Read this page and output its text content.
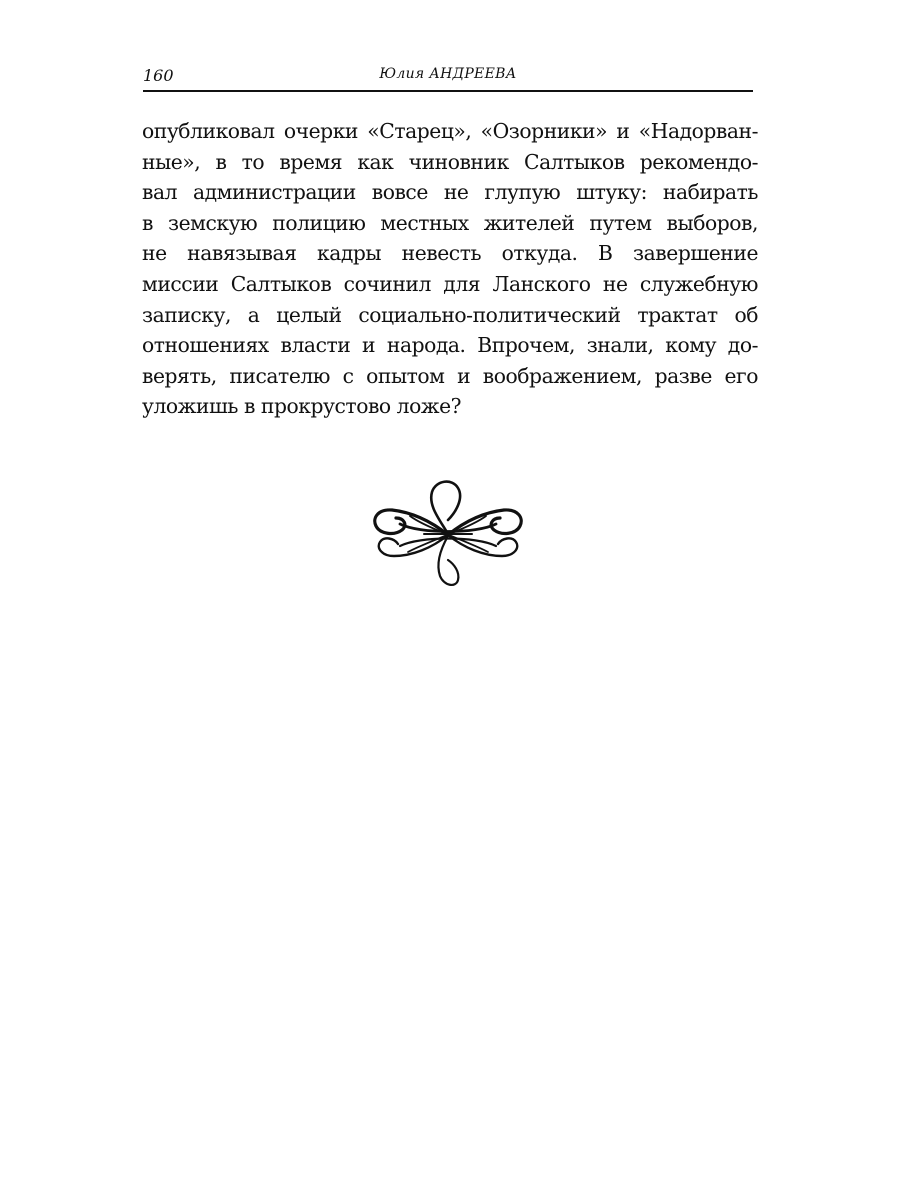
160	Юлия АНДРЕЕВА

опубликовал очерки «Старец», «Озорники» и «Надорван-
ные», в то время как чиновник Салтыков рекомендо-
вал администрации вовсе не глупую штуку: набирать
в земскую полицию местных жителей путем выборов,
не навязывая кадры невесть откуда. В завершение
миссии Салтыков сочинил для Ланского не служебную
записку, а целый социально-политический трактат об
отношениях власти и народа. Впрочем, знали, кому до-
верять, писателю с опытом и воображением, разве его
уложишь в прокрустово ложе?
